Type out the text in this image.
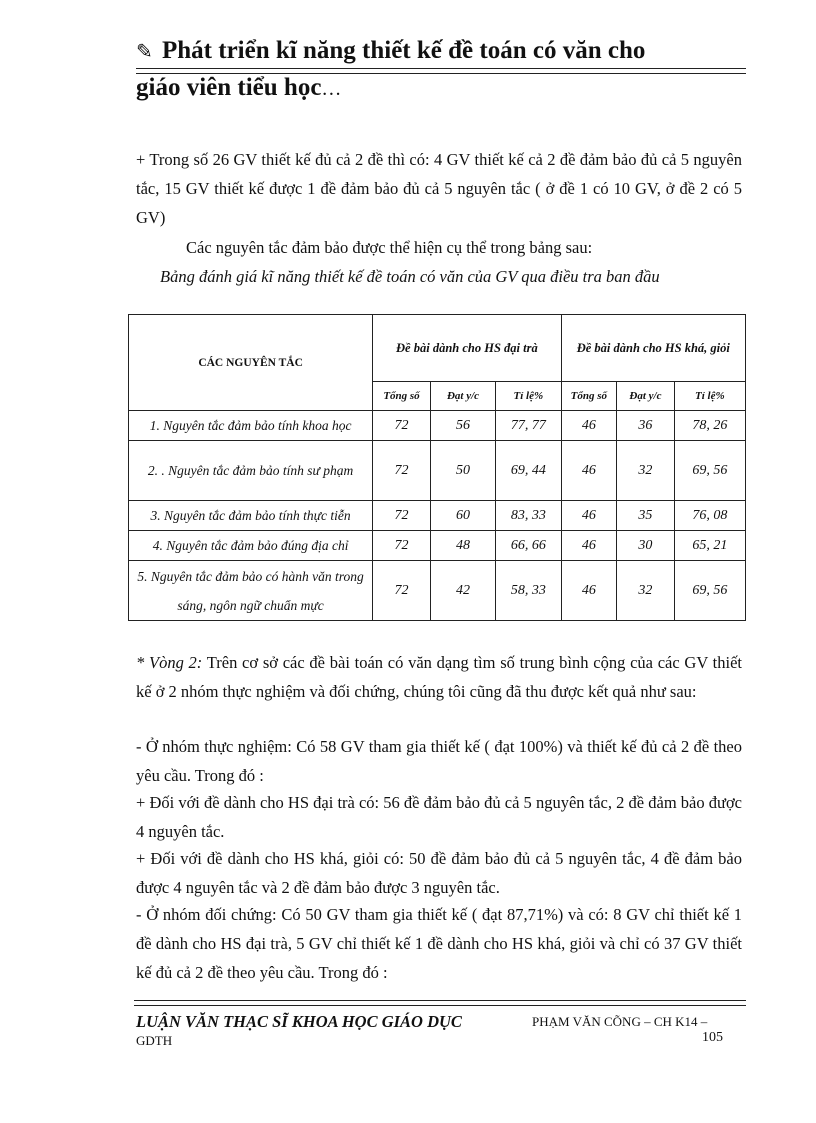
✎ Phát triển kĩ năng thiết kế đề toán có văn cho
giáo viên tiểu học…
+ Trong số 26 GV thiết kế đủ cả 2 đề thì có: 4 GV thiết kế cả 2 đề đảm bảo đủ cả 5 nguyên tắc, 15 GV thiết kế được 1 đề đảm bảo đủ cả 5 nguyên tắc ( ở đề 1 có 10 GV, ở đề 2 có 5 GV)
Các nguyên tắc đảm bảo được thể hiện cụ thể trong bảng sau:
Bảng đánh giá kĩ năng thiết kế đề toán có văn của GV qua điều tra ban đầu
CÁC NGUYÊN TẮC	Đề bài dành cho HS đại trà			Đề bài dành cho HS khá, giỏi		
	Tổng số	Đạt y/c	Tỉ lệ%	Tổng số	Đạt y/c	Tỉ lệ%
1. Nguyên tắc đảm bảo tính khoa học	72	56	77, 77	46	36	78, 26
2. . Nguyên tắc đảm bảo tính sư phạm	72	50	69, 44	46	32	69, 56
3. Nguyên tắc đảm bảo tính thực tiễn	72	60	83, 33	46	35	76, 08
4. Nguyên tắc đảm bảo đúng địa chỉ	72	48	66, 66	46	30	65, 21
5. Nguyên tắc đảm bảo có hành văn trong sáng, ngôn ngữ chuẩn mực	72	42	58, 33	46	32	69, 56
* Vòng 2: Trên cơ sở các đề bài toán có văn dạng tìm số trung bình cộng của các GV thiết kế ở 2 nhóm thực nghiệm và đối chứng, chúng tôi cũng đã thu được kết quả như sau:
- Ở nhóm thực nghiệm: Có 58 GV tham gia thiết kế ( đạt 100%) và thiết kế đủ cả 2 đề theo yêu cầu. Trong đó :
+ Đối với đề dành cho HS đại trà có: 56 đề đảm bảo đủ cả 5 nguyên tắc, 2 đề đảm bảo được 4 nguyên tắc.
+ Đối với đề dành cho HS khá, giỏi có: 50 đề đảm bảo đủ cả 5 nguyên tắc, 4 đề đảm bảo được 4 nguyên tắc và 2 đề đảm bảo được 3 nguyên tắc.
- Ở nhóm đối chứng: Có 50 GV tham gia thiết kế ( đạt 87,71%) và có: 8 GV chỉ thiết kế 1 đề dành cho HS đại trà, 5 GV chỉ thiết kế 1 đề dành cho HS khá, giỏi và chỉ có 37 GV thiết kế đủ cả 2 đề theo yêu cầu. Trong đó :
LUẬN VĂN THẠC SĨ KHOA HỌC GIÁO DỤC
GDTH
PHẠM VĂN CÕNG – CH K14 –
105
